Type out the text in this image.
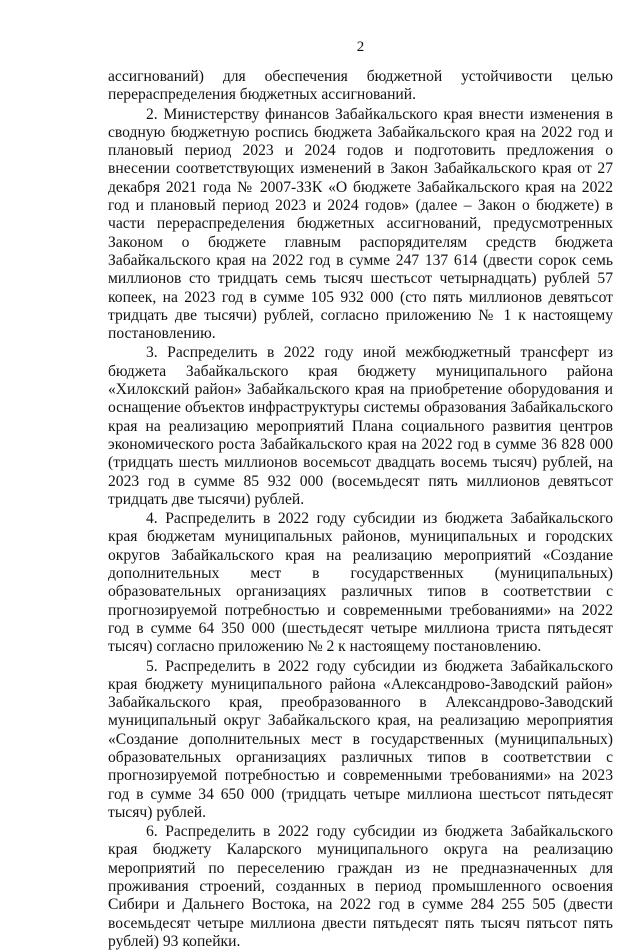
2

ассигнований) для обеспечения бюджетной устойчивости целью перераспределения бюджетных ассигнований.

2. Министерству финансов Забайкальского края внести изменения в сводную бюджетную роспись бюджета Забайкальского края на 2022 год и плановый период 2023 и 2024 годов и подготовить предложения о внесении соответствующих изменений в Закон Забайкальского края от 27 декабря 2021 года № 2007-ЗЗК «О бюджете Забайкальского края на 2022 год и плановый период 2023 и 2024 годов» (далее – Закон о бюджете) в части перераспределения бюджетных ассигнований, предусмотренных Законом о бюджете главным распорядителям средств бюджета Забайкальского края на 2022 год в сумме 247 137 614 (двести сорок семь миллионов сто тридцать семь тысяч шестьсот четырнадцать) рублей 57 копеек, на 2023 год в сумме 105 932 000 (сто пять миллионов девятьсот тридцать две тысячи) рублей, согласно приложению № 1 к настоящему постановлению.

3. Распределить в 2022 году иной межбюджетный трансферт из бюджета Забайкальского края бюджету муниципального района «Хилокский район» Забайкальского края на приобретение оборудования и оснащение объектов инфраструктуры системы образования Забайкальского края на реализацию мероприятий Плана социального развития центров экономического роста Забайкальского края на 2022 год в сумме 36 828 000 (тридцать шесть миллионов восемьсот двадцать восемь тысяч) рублей, на 2023 год в сумме 85 932 000 (восемьдесят пять миллионов девятьсот тридцать две тысячи) рублей.

4. Распределить в 2022 году субсидии из бюджета Забайкальского края бюджетам муниципальных районов, муниципальных и городских округов Забайкальского края на реализацию мероприятий «Создание дополнительных мест в государственных (муниципальных) образовательных организациях различных типов в соответствии с прогнозируемой потребностью и современными требованиями» на 2022 год в сумме 64 350 000 (шестьдесят четыре миллиона триста пятьдесят тысяч) согласно приложению № 2 к настоящему постановлению.

5. Распределить в 2022 году субсидии из бюджета Забайкальского края бюджету муниципального района «Александрово-Заводский район» Забайкальского края, преобразованного в Александрово-Заводский муниципальный округ Забайкальского края, на реализацию мероприятия «Создание дополнительных мест в государственных (муниципальных) образовательных организациях различных типов в соответствии с прогнозируемой потребностью и современными требованиями» на 2023 год в сумме 34 650 000 (тридцать четыре миллиона шестьсот пятьдесят тысяч) рублей.

6. Распределить в 2022 году субсидии из бюджета Забайкальского края бюджету Каларского муниципального округа на реализацию мероприятий по переселению граждан из не предназначенных для проживания строений, созданных в период промышленного освоения Сибири и Дальнего Востока, на 2022 год в сумме 284 255 505 (двести восемьдесят четыре миллиона двести пятьдесят пять тысяч пятьсот пять рублей) 93 копейки.
